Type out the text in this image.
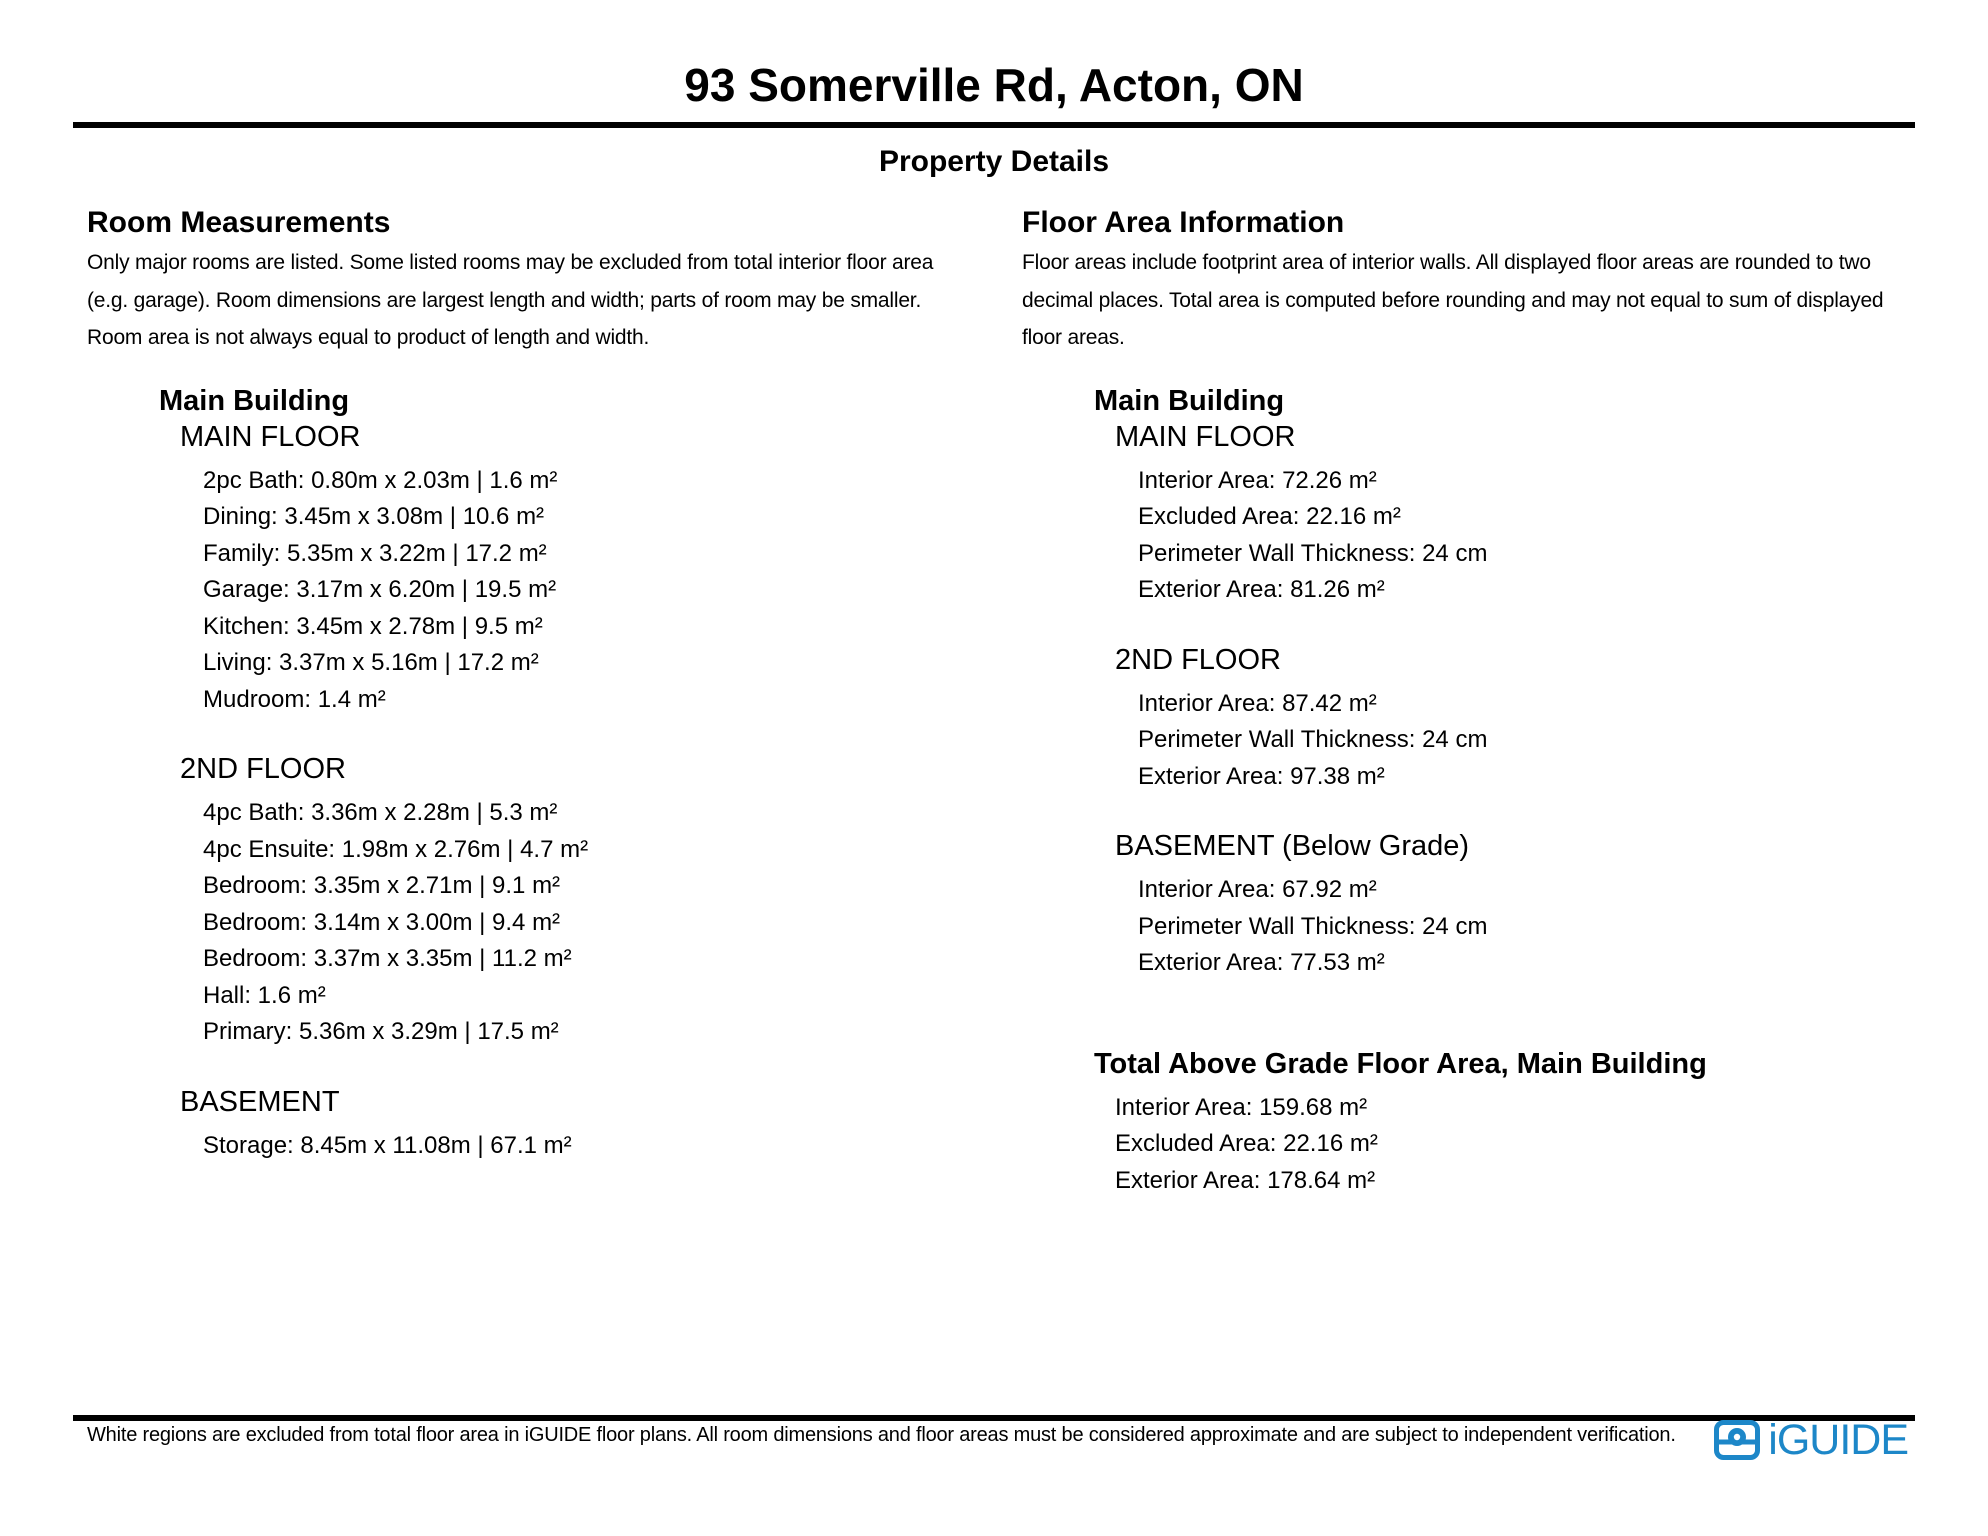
93 Somerville Rd, Acton, ON
Property Details
Room Measurements
Only major rooms are listed. Some listed rooms may be excluded from total interior floor area
(e.g. garage). Room dimensions are largest length and width; parts of room may be smaller.
Room area is not always equal to product of length and width.
Main Building
MAIN FLOOR
2pc Bath: 0.80m x 2.03m | 1.6 m²
Dining: 3.45m x 3.08m | 10.6 m²
Family: 5.35m x 3.22m | 17.2 m²
Garage: 3.17m x 6.20m | 19.5 m²
Kitchen: 3.45m x 2.78m | 9.5 m²
Living: 3.37m x 5.16m | 17.2 m²
Mudroom: 1.4 m²
2ND FLOOR
4pc Bath: 3.36m x 2.28m | 5.3 m²
4pc Ensuite: 1.98m x 2.76m | 4.7 m²
Bedroom: 3.35m x 2.71m | 9.1 m²
Bedroom: 3.14m x 3.00m | 9.4 m²
Bedroom: 3.37m x 3.35m | 11.2 m²
Hall: 1.6 m²
Primary: 5.36m x 3.29m | 17.5 m²
BASEMENT
Storage: 8.45m x 11.08m | 67.1 m²
Floor Area Information
Floor areas include footprint area of interior walls. All displayed floor areas are rounded to two
decimal places. Total area is computed before rounding and may not equal to sum of displayed
floor areas.
Main Building
MAIN FLOOR
Interior Area: 72.26 m²
Excluded Area: 22.16 m²
Perimeter Wall Thickness: 24 cm
Exterior Area: 81.26 m²
2ND FLOOR
Interior Area: 87.42 m²
Perimeter Wall Thickness: 24 cm
Exterior Area: 97.38 m²
BASEMENT (Below Grade)
Interior Area: 67.92 m²
Perimeter Wall Thickness: 24 cm
Exterior Area: 77.53 m²
Total Above Grade Floor Area, Main Building
Interior Area: 159.68 m²
Excluded Area: 22.16 m²
Exterior Area: 178.64 m²
White regions are excluded from total floor area in iGUIDE floor plans. All room dimensions and floor areas must be considered approximate and are subject to independent verification. iGUIDE
